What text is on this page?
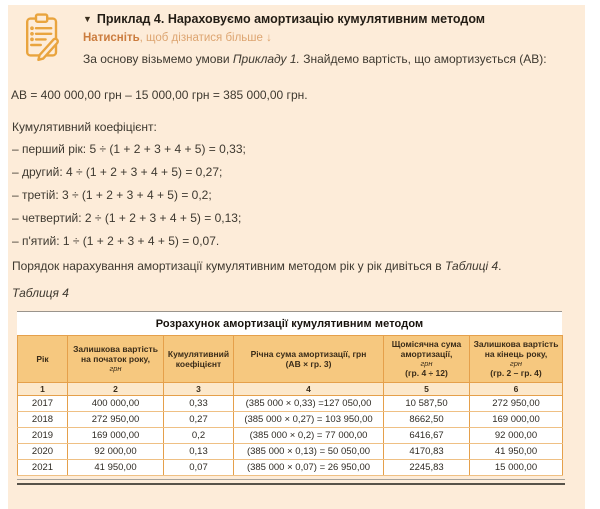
▼ Приклад 4. Нараховуємо амортизацію кумулятивним методом
Натисніть, щоб дізнатися більше ↓
За основу візьмемо умови Прикладу 1. Знайдемо вартість, що амортизується (АВ):

АВ = 400 000,00 грн – 15 000,00 грн = 385 000,00 грн.

Кумулятивний коефіцієнт:

– перший рік: 5 ÷ (1 + 2 + 3 + 4 + 5) = 0,33;
– другий: 4 ÷ (1 + 2 + 3 + 4 + 5) = 0,27;
– третій: 3 ÷ (1 + 2 + 3 + 4 + 5) = 0,2;
– четвертий: 2 ÷ (1 + 2 + 3 + 4 + 5) = 0,13;
– п'ятий: 1 ÷ (1 + 2 + 3 + 4 + 5) = 0,07.

Порядок нарахування амортизації кумулятивним методом рік у рік дивіться в Таблиці 4.

Таблиця 4

Розрахунок амортизації кумулятивним методом
Рік	Залишкова вартість на початок року,
грн	Кумулятивний коефіцієнт	Річна сума амортизації, грн
(АВ × гр. 3)	Щомісячна сума амортизації,
грн
(гр. 4 ÷ 12)	Залишкова вартість на кінець року,
грн
(гр. 2 – гр. 4)

1	2	3	4	5	6
2017	400 000,00	0,33	(385 000 × 0,33) =127 050,00	10 587,50	272 950,00
2018	272 950,00	0,27	(385 000 × 0,27) = 103 950,00	8662,50	169 000,00
2019	169 000,00	0,2	(385 000 × 0,2) = 77 000,00	6416,67	92 000,00
2020	92 000,00	0,13	(385 000 × 0,13) = 50 050,00	4170,83	41 950,00
2021	41 950,00	0,07	(385 000 × 0,07) = 26 950,00	2245,83	15 000,00
